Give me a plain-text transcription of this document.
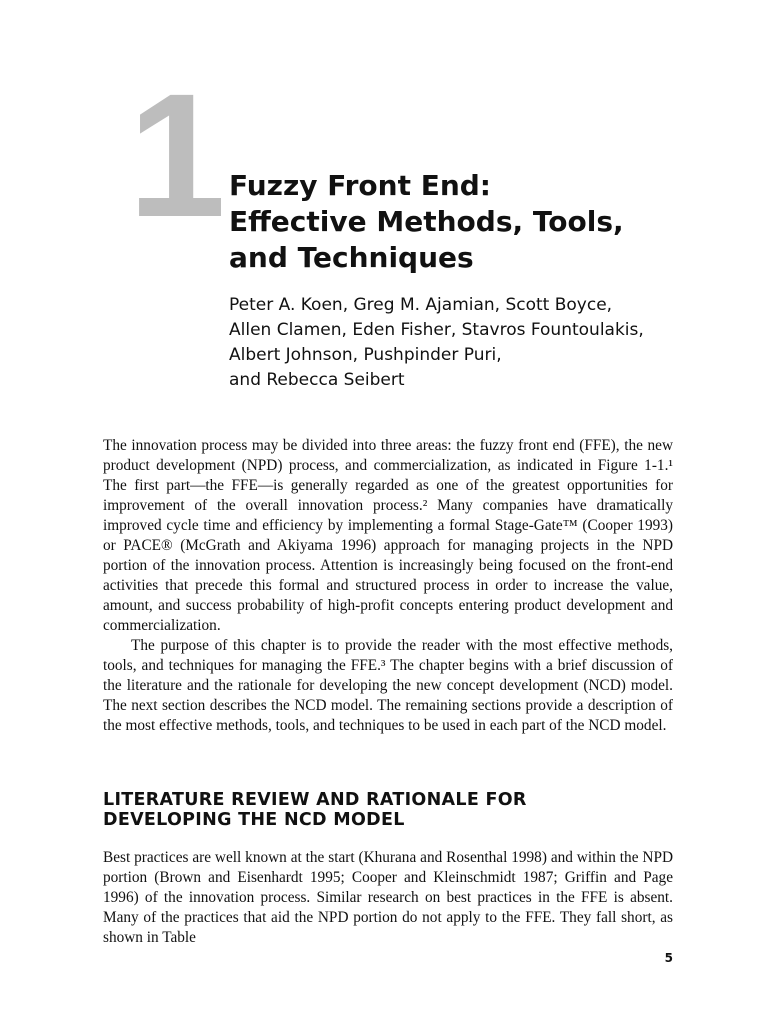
1 Fuzzy Front End:
Effective Methods, Tools,
and Techniques
Peter A. Koen, Greg M. Ajamian, Scott Boyce,
Allen Clamen, Eden Fisher, Stavros Fountoulakis,
Albert Johnson, Pushpinder Puri,
and Rebecca Seibert

The innovation process may be divided into three areas: the fuzzy front end (FFE), the new product development (NPD) process, and commercialization, as indicated in Figure 1-1.¹ The first part—the FFE—is generally regarded as one of the greatest opportunities for improvement of the overall innovation process.² Many companies have dramatically improved cycle time and efficiency by implementing a formal Stage-Gate™ (Cooper 1993) or PACE® (McGrath and Akiyama 1996) approach for managing projects in the NPD portion of the innovation process. Attention is increasingly being focused on the front-end activities that precede this formal and structured process in order to increase the value, amount, and success probability of high-profit concepts entering product development and commercialization.

The purpose of this chapter is to provide the reader with the most effective methods, tools, and techniques for managing the FFE.³ The chapter begins with a brief discussion of the literature and the rationale for developing the new concept development (NCD) model. The next section describes the NCD model. The remaining sections provide a description of the most effective methods, tools, and techniques to be used in each part of the NCD model.

LITERATURE REVIEW AND RATIONALE FOR
DEVELOPING THE NCD MODEL

Best practices are well known at the start (Khurana and Rosenthal 1998) and within the NPD portion (Brown and Eisenhardt 1995; Cooper and Kleinschmidt 1987; Griffin and Page 1996) of the innovation process. Similar research on best practices in the FFE is absent. Many of the practices that aid the NPD portion do not apply to the FFE. They fall short, as shown in Table

5
